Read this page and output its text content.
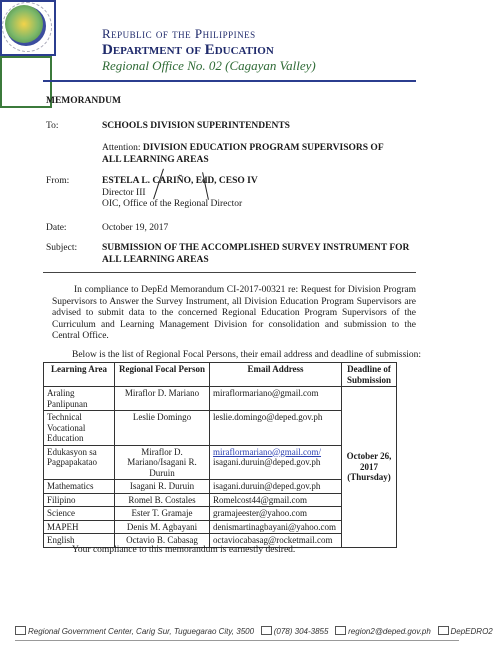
Republic of the Philippines
Department of Education
Regional Office No. 02 (Cagayan Valley)
MEMORANDUM
To:	SCHOOLS DIVISION SUPERINTENDENTS
Attention: DIVISION EDUCATION PROGRAM SUPERVISORS OF ALL LEARNING AREAS
From:	ESTELA L. CARIÑO, EdD, CESO IV
Director III
OIC, Office of the Regional Director
Date:	October 19, 2017
Subject:	SUBMISSION OF THE ACCOMPLISHED SURVEY INSTRUMENT FOR ALL LEARNING AREAS
In compliance to DepEd Memorandum CI-2017-00321 re: Request for Division Program Supervisors to Answer the Survey Instrument, all Division Education Program Supervisors are advised to submit data to the concerned Regional Education Program Supervisors of the Curriculum and Learning Management Division for consolidation and submission to the Central Office.
Below is the list of Regional Focal Persons, their email address and deadline of submission:
Learning Area	Regional Focal Person	Email Address	Deadline of Submission
Araling Panlipunan	Miraflor D. Mariano	miraflormariano@gmail.com	October 26,
2017
(Thursday)

Technical Vocational Education	Leslie Domingo	leslie.domingo@deped.gov.ph	
Edukasyon sa Pagpapakatao	Miraflor D. Mariano/Isagani R. Duruin	miraflormariano@gmail.com/
isagani.duruin@deped.gov.ph	

Mathematics	Isagani R. Duruin	isagani.duruin@deped.gov.ph	
Filipino	Romel B. Costales	Romelcost44@gmail.com	
Science	Ester T. Gramaje	gramajeester@yahoo.com	
MAPEH	Denis M. Agbayani	denismartinagbayani@yahoo.com	
English	Octavio B. Cabasag	octaviocabasag@rocketmail.com	
Your compliance to this memorandum is earnestly desired.
Regional Government Center, Carig Sur, Tuguegarao City, 3500 (078) 304-3855 region2@deped.gov.ph DepEDRO2
